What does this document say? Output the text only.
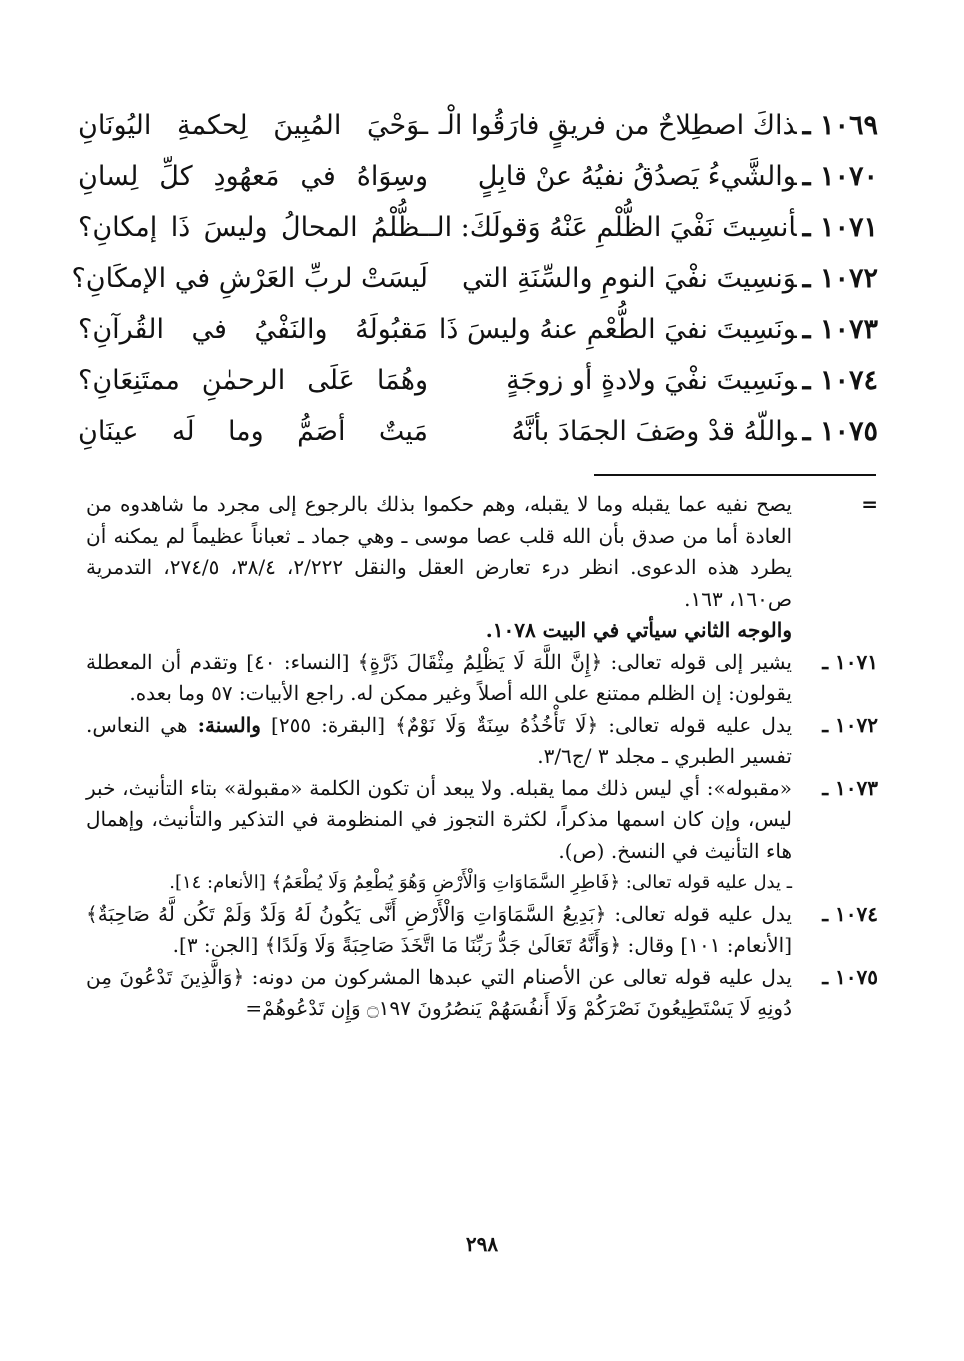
١٠٦٩ ـذاكَ اصطِلاحٌ من فريقٍ فارَقُوا الْـ
ـوَحْيَ المُبِينَ لِحكمةِ اليُونَانِ
١٠٧٠ ـوالشَّيءُ يَصدُقُ نفيُهُ عنْ قابِلٍ
وسِوَاهُ في مَعهُودِ كلِّ لِسانِ
١٠٧١ ـأنسِيتَ نَفْيَ الظُّلْمِ عَنْهُ وَقولَكَ: الـ
ـظُّلْمُ المحالُ وليسَ ذَا إمكانِ؟
١٠٧٢ ـوَنسِيتَ نفْيَ النومِ والسِّنَةِ التي
لَيسَتْ لربِّ العَرْشِ في الإمكَانِ؟
١٠٧٣ ـونَسِيتَ نفيَ الطُّعْمِ عنهُ وليسَ ذَا
مَقبُولَهُ والنَفْيُ في القُرآنِ؟
١٠٧٤ ـونَسِيتَ نفْيَ ولادةٍ أو زوجَةٍ
وهُمَا عَلَى الرحمٰنِ ممتَنِعَانِ؟
١٠٧٥ ـواللّهُ قدْ وصَفَ الجمَادَ بأنَّهُ
مَيتٌ أصَمُّ وما لَه عينَانِ
=

يصح نفيه عما يقبله وما لا يقبله، وهم حكموا بذلك بالرجوع إلى مجرد ما شاهدوه من العادة أما من صدق بأن الله قلب عصا موسى ـ وهي جماد ـ ثعباناً عظيماً لم يمكنه أن يطرد هذه الدعوى. انظر درء تعارض العقل والنقل ٢/٢٢٢، ٣٨/٤، ٢٧٤/٥، التدمرية ص١٦٠، ١٦٣.

والوجه الثاني سيأتي في البيت ١٠٧٨.

١٠٧١ ـ

يشير إلى قوله تعالى: ﴿إِنَّ اللَّهَ لَا يَظْلِمُ مِثْقَالَ ذَرَّةٍ﴾ [النساء: ٤٠] وتقدم أن المعطلة يقولون: إن الظلم ممتنع على الله أصلاً وغير ممكن له. راجع الأبيات: ٥٧ وما بعده.

١٠٧٢ ـ

يدل عليه قوله تعالى: ﴿لَا تَأْخُذُهُ سِنَةٌ وَلَا نَوْمٌ﴾ [البقرة: ٢٥٥] والسنة: هي النعاس. تفسير الطبري ـ مجلد ٣ /ج٣/٦.

١٠٧٣ ـ

«مقبوله»: أي ليس ذلك مما يقبله. ولا يبعد أن تكون الكلمة «مقبولة» بتاء التأنيث، خبر ليس، وإن كان اسمها مذكراً، لكثرة التجوز في المنظومة في التذكير والتأنيث، وإهمال هاء التأنيث في النسخ. (ص).

ـ يدل عليه قوله تعالى: ﴿فَاطِرِ السَّمَاوَاتِ وَالْأَرْضِ وَهُوَ يُطْعِمُ وَلَا يُطْعَمُ﴾ [الأنعام: ١٤].

١٠٧٤ ـ

يدل عليه قوله تعالى: ﴿بَدِيعُ السَّمَاوَاتِ وَالْأَرْضِ أَنَّى يَكُونُ لَهُ وَلَدٌ وَلَمْ تَكُن لَّهُ صَاحِبَةٌ﴾ [الأنعام: ١٠١] وقال: ﴿وَأَنَّهُ تَعَالَىٰ جَدُّ رَبِّنَا مَا اتَّخَذَ صَاحِبَةً وَلَا وَلَدًا﴾ [الجن: ٣].

١٠٧٥ ـ

يدل عليه قوله تعالى عن الأصنام التي عبدها المشركون من دونه: ﴿وَالَّذِينَ تَدْعُونَ مِن دُونِهِ لَا يَسْتَطِيعُونَ نَصْرَكُمْ وَلَا أَنفُسَهُمْ يَنصُرُونَ ۝١٩٧ وَإِن تَدْعُوهُمْ=

٢٩٨
